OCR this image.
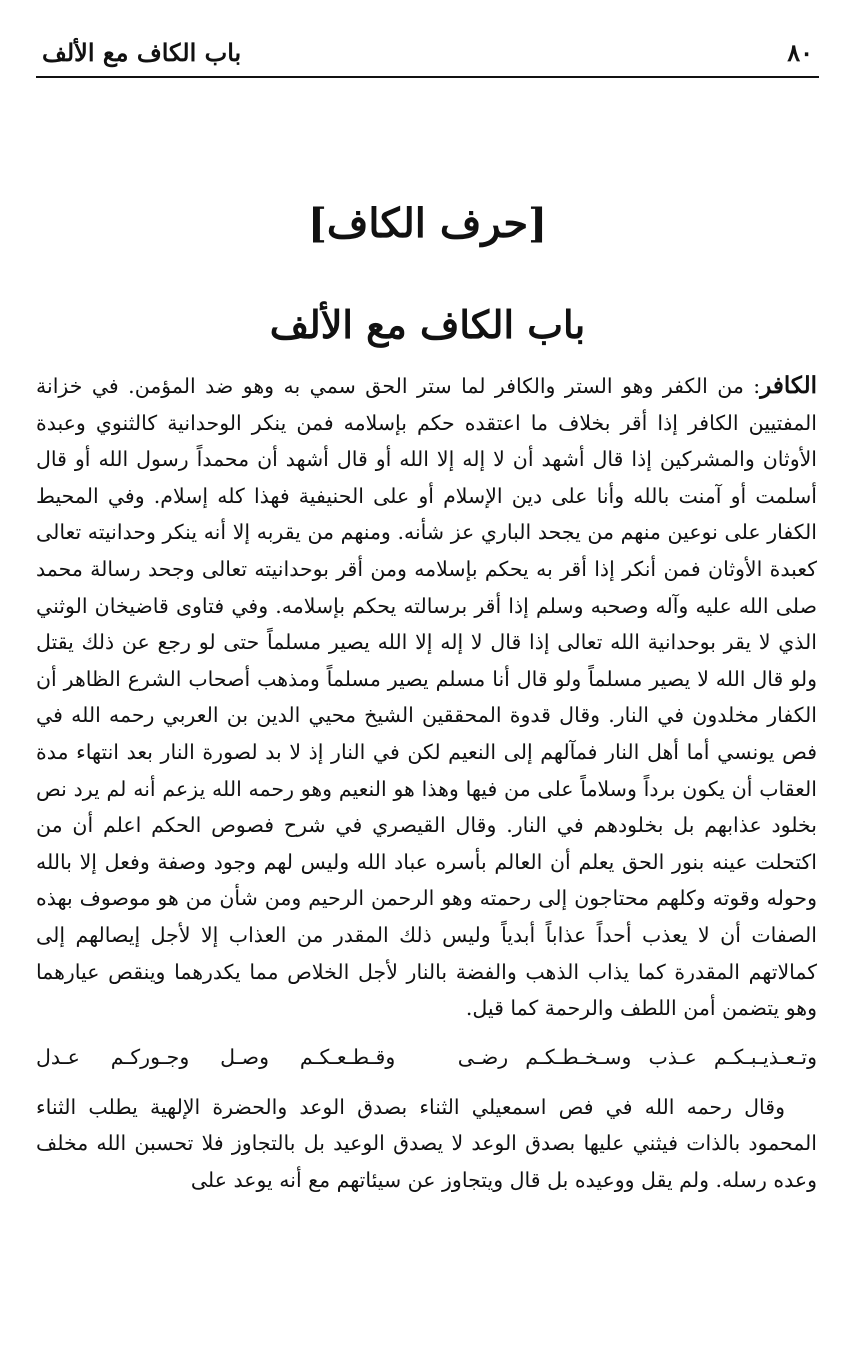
٨٠
باب الكاف مع الألف
[حرف الكاف]
باب الكاف مع الألف

الكافر: من الكفر وهو الستر والكافر لما ستر الحق سمي به وهو ضد المؤمن. في خزانة المفتيين الكافر إذا أقر بخلاف ما اعتقده حكم بإسلامه فمن ينكر الوحدانية كالثنوي وعبدة الأوثان والمشركين إذا قال أشهد أن لا إله إلا الله أو قال أشهد أن محمداً رسول الله أو قال أسلمت أو آمنت بالله وأنا على دين الإسلام أو على الحنيفية فهذا كله إسلام. وفي المحيط الكفار على نوعين منهم من يجحد الباري عز شأنه. ومنهم من يقربه إلا أنه ينكر وحدانيته تعالى كعبدة الأوثان فمن أنكر إذا أقر به يحكم بإسلامه ومن أقر بوحدانيته تعالى وجحد رسالة محمد صلى الله عليه وآله وصحبه وسلم إذا أقر برسالته يحكم بإسلامه. وفي فتاوى قاضيخان الوثني الذي لا يقر بوحدانية الله تعالى إذا قال لا إله إلا الله يصير مسلماً حتى لو رجع عن ذلك يقتل ولو قال الله لا يصير مسلماً ولو قال أنا مسلم يصير مسلماً ومذهب أصحاب الشرع الظاهر أن الكفار مخلدون في النار. وقال قدوة المحققين الشيخ محيي الدين بن العربي رحمه الله في فص يونسي أما أهل النار فمآلهم إلى النعيم لكن في النار إذ لا بد لصورة النار بعد انتهاء مدة العقاب أن يكون برداً وسلاماً على من فيها وهذا هو النعيم وهو رحمه الله يزعم أنه لم يرد نص بخلود عذابهم بل بخلودهم في النار. وقال القيصري في شرح فصوص الحكم اعلم أن من اكتحلت عينه بنور الحق يعلم أن العالم بأسره عباد الله وليس لهم وجود وصفة وفعل إلا بالله وحوله وقوته وكلهم محتاجون إلى رحمته وهو الرحمن الرحيم ومن شأن من هو موصوف بهذه الصفات أن لا يعذب أحداً عذاباً أبدياً وليس ذلك المقدر من العذاب إلا لأجل إيصالهم إلى كمالاتهم المقدرة كما يذاب الذهب والفضة بالنار لأجل الخلاص مما يكدرهما وينقص عيارهما وهو يتضمن أمن اللطف والرحمة كما قيل.

وتـعـذيـبـكـم عـذب وسـخـطـكـم رضـى
وقـطـعـكـم وصـل وجـوركـم عـدل

وقال رحمه الله في فص اسمعيلي الثناء بصدق الوعد والحضرة الإلهية يطلب الثناء المحمود بالذات فيثني عليها بصدق الوعد لا يصدق الوعيد بل بالتجاوز فلا تحسبن الله مخلف وعده رسله. ولم يقل ووعيده بل قال ويتجاوز عن سيئاتهم مع أنه يوعد على
